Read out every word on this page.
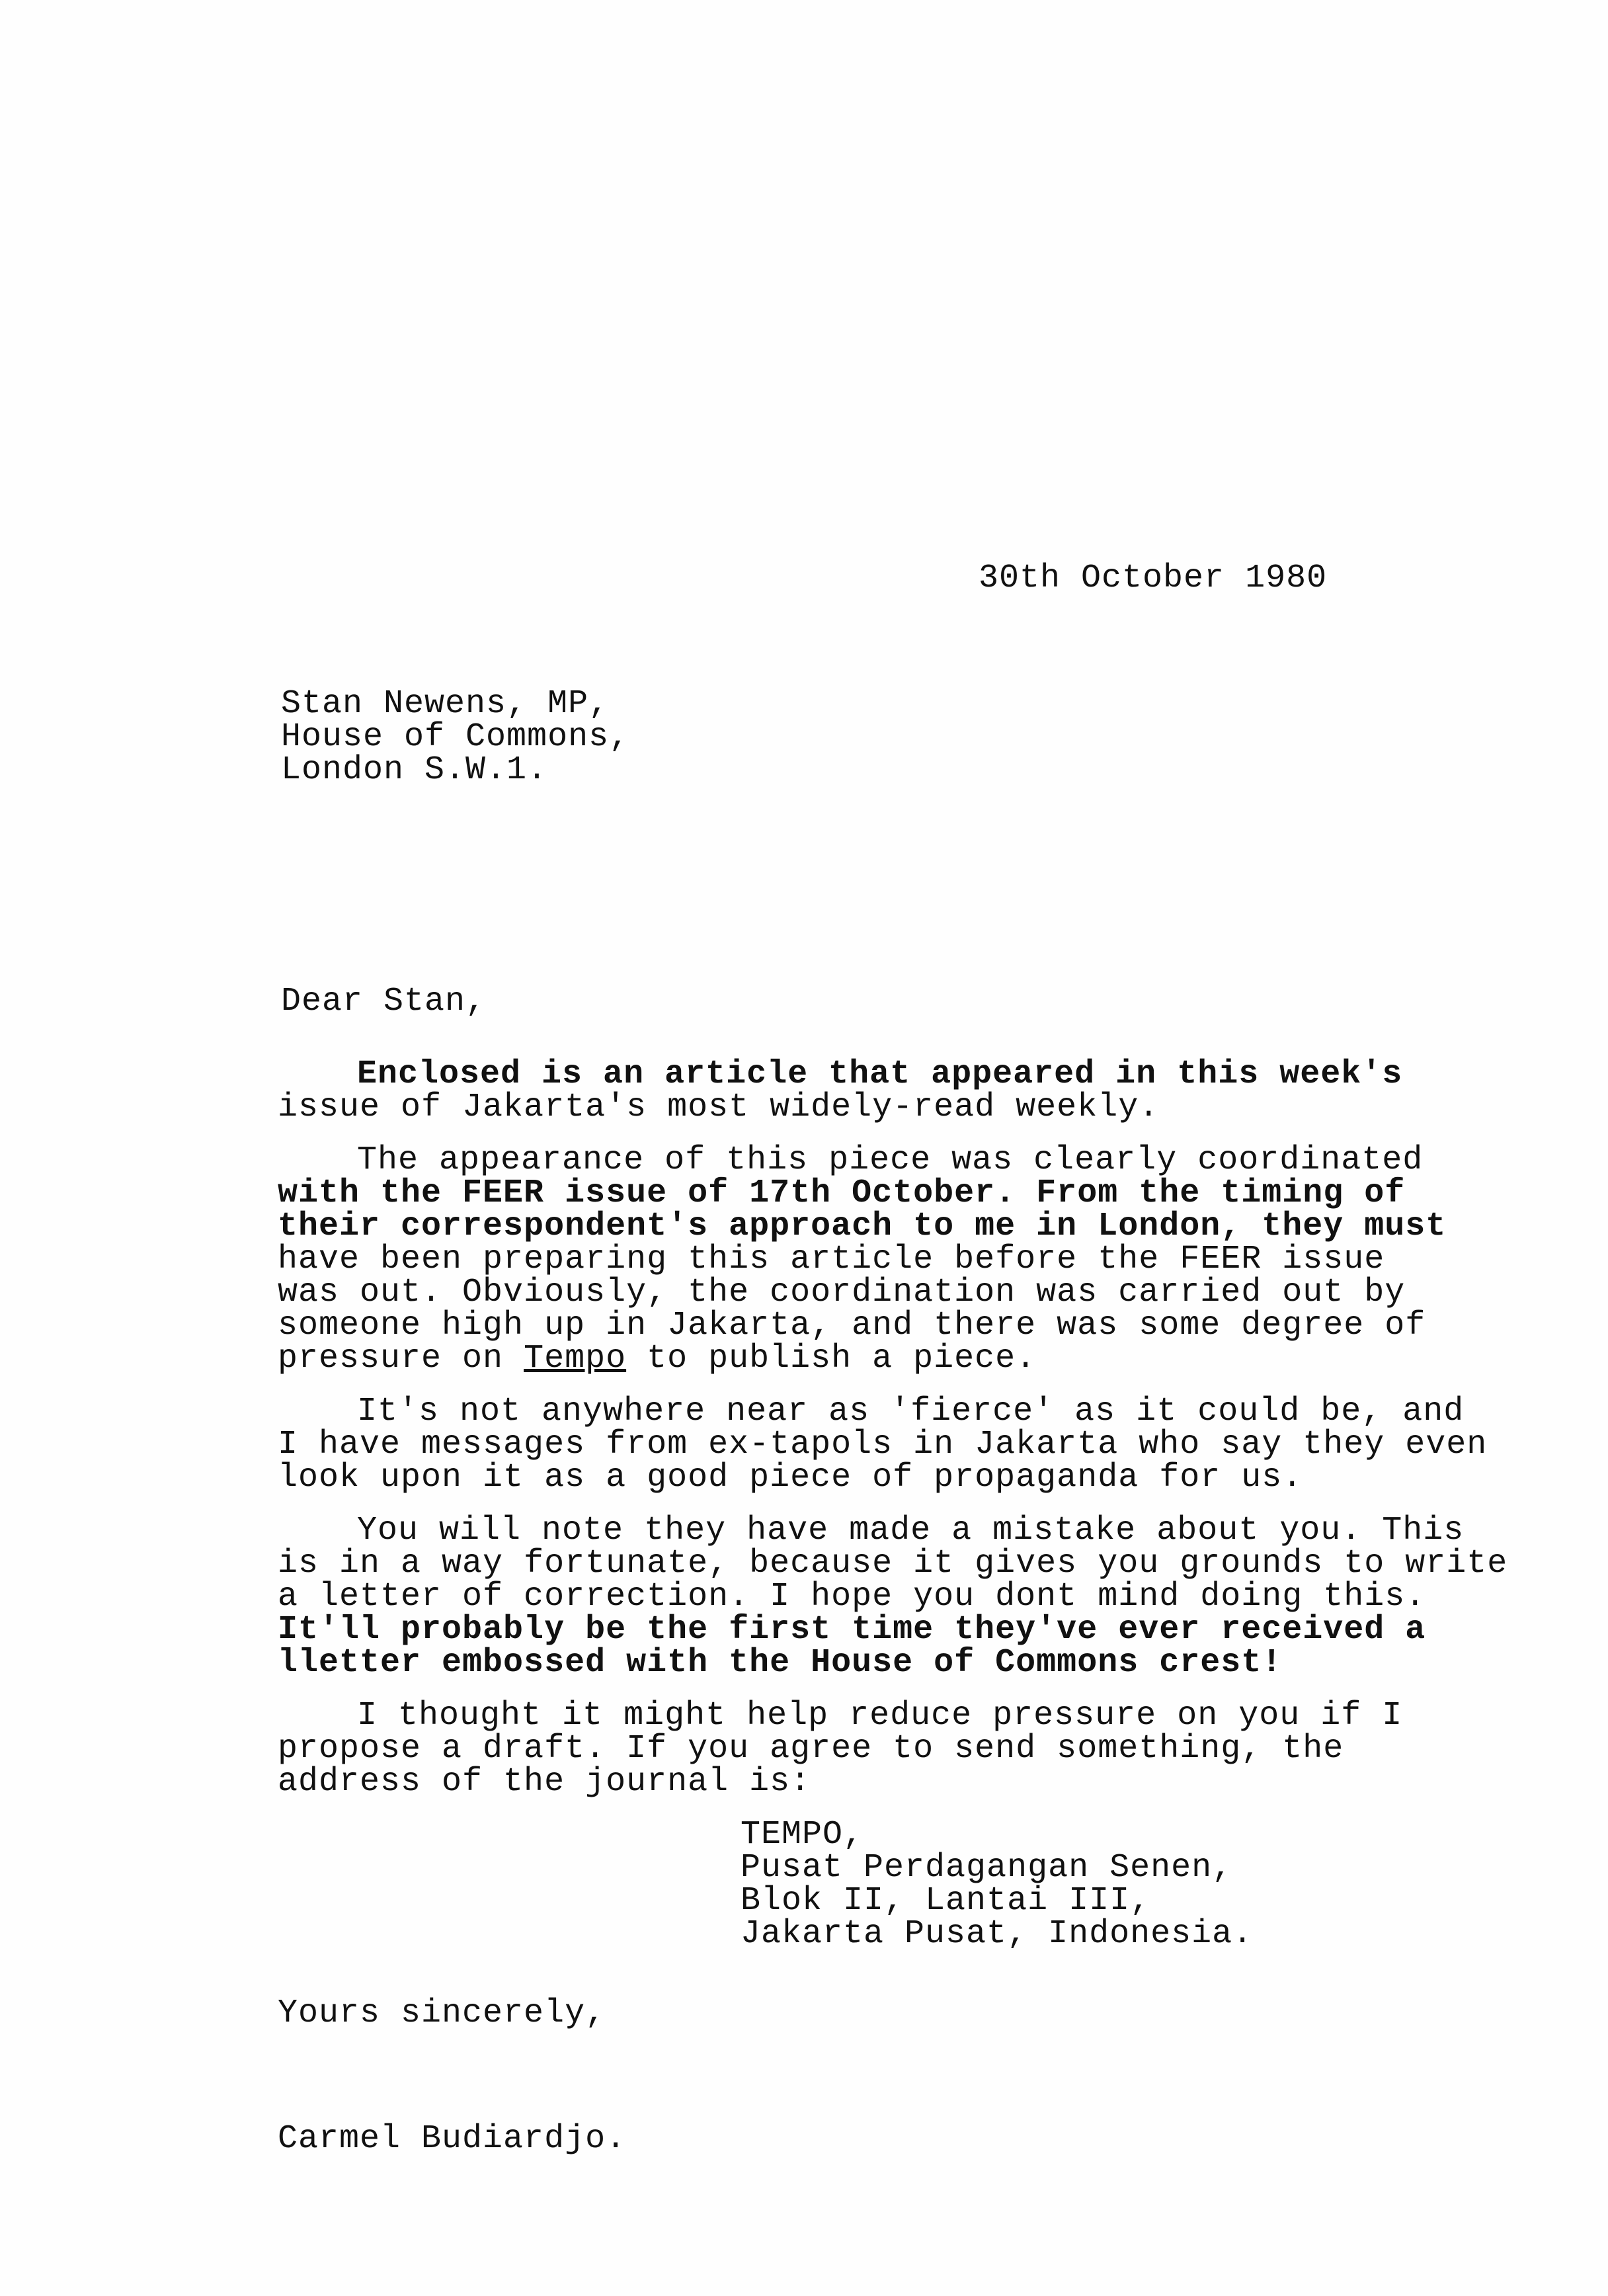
30th October 1980
Stan Newens, MP,
House of Commons,
London S.W.1.
Dear Stan,
Enclosed is an article that appeared in this week's
issue of Jakarta's most widely-read weekly.
The appearance of this piece was clearly coordinated
with the FEER issue of 17th October. From the timing of
their correspondent's approach to me in London, they must
have been preparing this article before the FEER issue
was out. Obviously, the coordination was carried out by
someone high up in Jakarta, and there was some degree of
pressure on Tempo to publish a piece.
It's not anywhere near as 'fierce' as it could be, and
I have messages from ex-tapols in Jakarta who say they even
look upon it as a good piece of propaganda for us.
You will note they have made a mistake about you. This
is in a way fortunate, because it gives you grounds to write
a letter of correction. I hope you dont mind doing this.
It'll probably be the first time they've ever received a
lletter embossed with the House of Commons crest!
I thought it might help reduce pressure on you if I
propose a draft. If you agree to send something, the
address of the journal is:
TEMPO,
Pusat Perdagangan Senen,
Blok II, Lantai III,
Jakarta Pusat, Indonesia.
Yours sincerely,
Carmel Budiardjo.
